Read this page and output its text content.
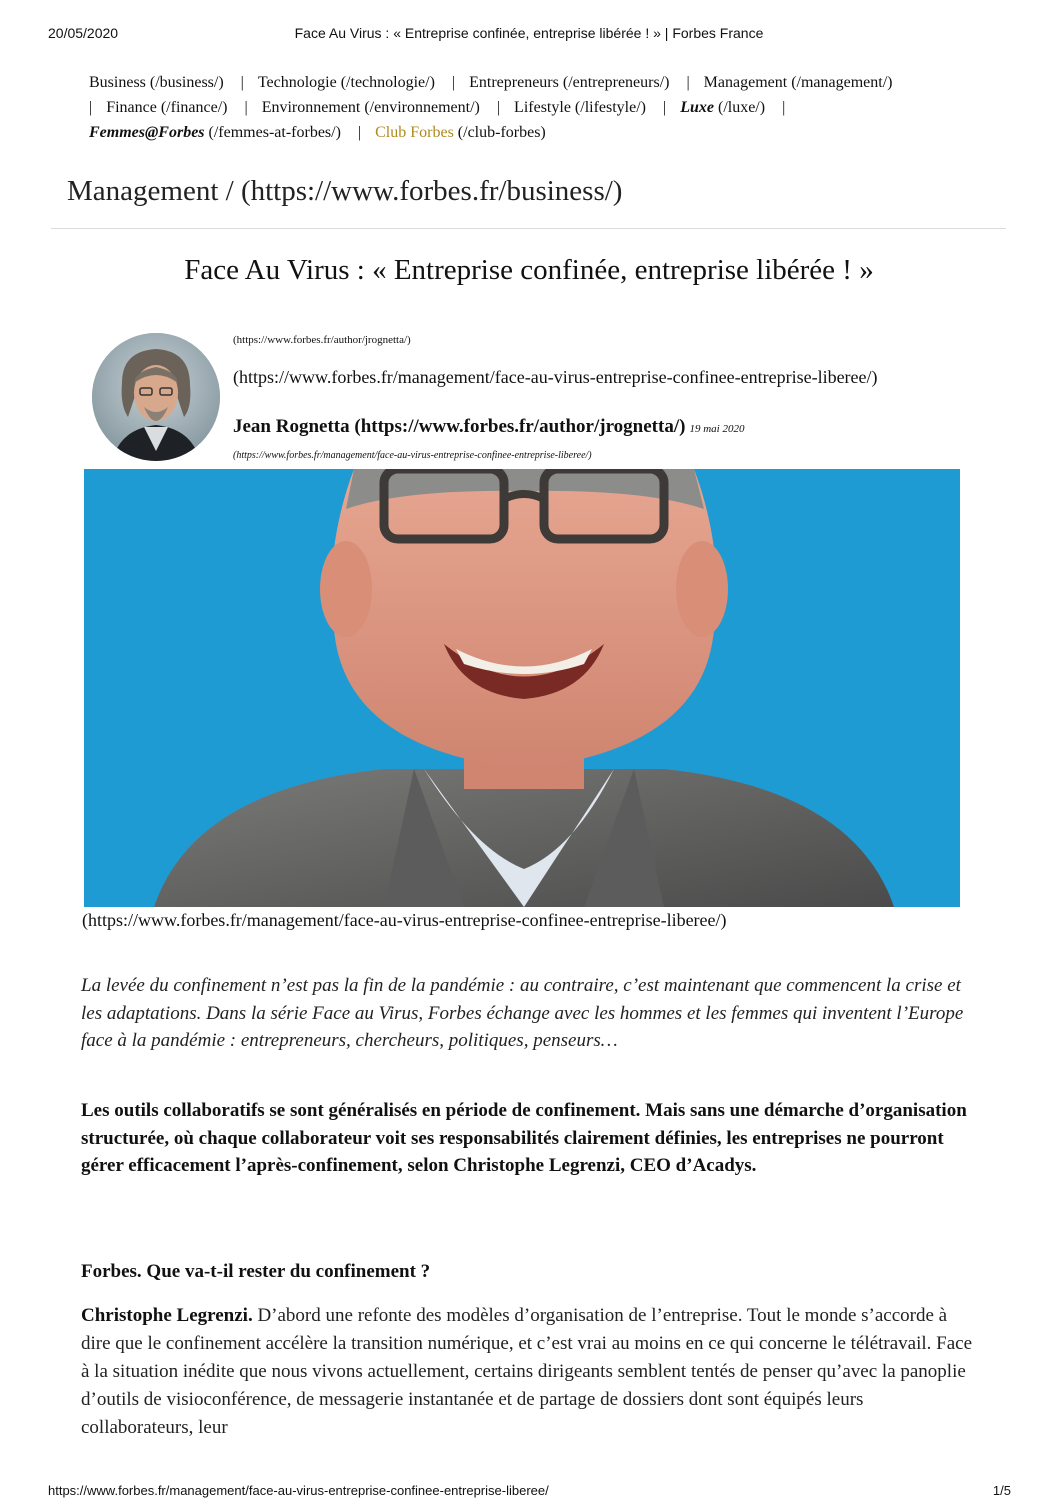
20/05/2020	Face Au Virus : « Entreprise confinée, entreprise libérée ! » | Forbes France
Business (/business/) | Technologie (/technologie/) | Entrepreneurs (/entrepreneurs/) | Management (/management/)
| Finance (/finance/) | Environnement (/environnement/) | Lifestyle (/lifestyle/) | Luxe (/luxe/) |
Femmes@Forbes (/femmes-at-forbes/) | Club Forbes (/club-forbes)
Management / (https://www.forbes.fr/business/)
Face Au Virus : « Entreprise confinée, entreprise libérée ! »
(https://www.forbes.fr/author/jrognetta/)
(https://www.forbes.fr/management/face-au-virus-entreprise-confinee-entreprise-liberee/)
Jean Rognetta (https://www.forbes.fr/author/jrognetta/) 19 mai 2020
(https://www.forbes.fr/management/face-au-virus-entreprise-confinee-entreprise-liberee/)
(https://www.forbes.fr/management/face-au-virus-entreprise-confinee-entreprise-liberee/)
La levée du confinement n’est pas la fin de la pandémie : au contraire, c’est maintenant que commencent la crise et les adaptations. Dans la série Face au Virus, Forbes échange avec les hommes et les femmes qui inventent l’Europe face à la pandémie : entrepreneurs, chercheurs, politiques, penseurs…
Les outils collaboratifs se sont généralisés en période de confinement. Mais sans une démarche d’organisation structurée, où chaque collaborateur voit ses responsabilités clairement définies, les entreprises ne pourront gérer efficacement l’après-confinement, selon Christophe Legrenzi, CEO d’Acadys.
Forbes. Que va-t-il rester du confinement ?
Christophe Legrenzi. D’abord une refonte des modèles d’organisation de l’entreprise. Tout le monde s’accorde à dire que le confinement accélère la transition numérique, et c’est vrai au moins en ce qui concerne le télétravail. Face à la situation inédite que nous vivons actuellement, certains dirigeants semblent tentés de penser qu’avec la panoplie d’outils de visioconférence, de messagerie instantanée et de partage de dossiers dont sont équipés leurs collaborateurs, leur
https://www.forbes.fr/management/face-au-virus-entreprise-confinee-entreprise-liberee/	1/5
